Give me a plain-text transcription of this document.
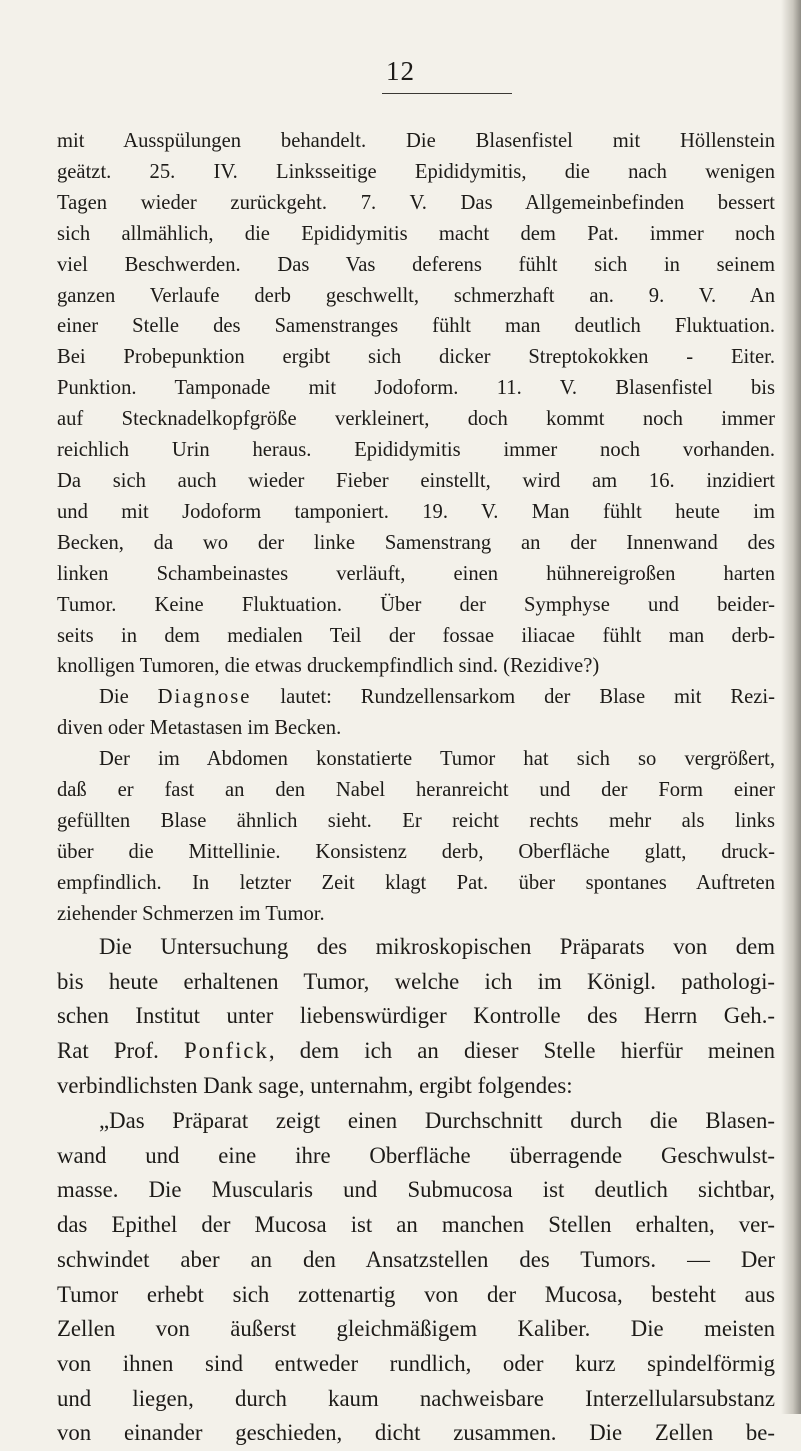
12

mit Ausspülungen behandelt. Die Blasenfistel mit Höllenstein

geätzt. 25. IV. Linksseitige Epididymitis, die nach wenigen

Tagen wieder zurückgeht. 7. V. Das Allgemeinbefinden bessert

sich allmählich, die Epididymitis macht dem Pat. immer noch

viel Beschwerden. Das Vas deferens fühlt sich in seinem

ganzen Verlaufe derb geschwellt, schmerzhaft an. 9. V. An

einer Stelle des Samenstranges fühlt man deutlich Fluktuation.

Bei Probepunktion ergibt sich dicker Streptokokken - Eiter.

Punktion. Tamponade mit Jodoform. 11. V. Blasenfistel bis

auf Stecknadelkopfgröße verkleinert, doch kommt noch immer

reichlich Urin heraus. Epididymitis immer noch vorhanden.

Da sich auch wieder Fieber einstellt, wird am 16. inzidiert

und mit Jodoform tamponiert. 19. V. Man fühlt heute im

Becken, da wo der linke Samenstrang an der Innenwand des

linken Schambeinastes verläuft, einen hühnereigroßen harten

Tumor. Keine Fluktuation. Über der Symphyse und beider-

seits in dem medialen Teil der fossae iliacae fühlt man derb-

knolligen Tumoren, die etwas druckempfindlich sind. (Rezidive?)

Die Diagnose lautet: Rundzellensarkom der Blase mit Rezi-

diven oder Metastasen im Becken.

Der im Abdomen konstatierte Tumor hat sich so vergrößert,

daß er fast an den Nabel heranreicht und der Form einer

gefüllten Blase ähnlich sieht. Er reicht rechts mehr als links

über die Mittellinie. Konsistenz derb, Oberfläche glatt, druck-

empfindlich. In letzter Zeit klagt Pat. über spontanes Auftreten

ziehender Schmerzen im Tumor.

Die Untersuchung des mikroskopischen Präparats von dem

bis heute erhaltenen Tumor, welche ich im Königl. pathologi-

schen Institut unter liebenswürdiger Kontrolle des Herrn Geh.-

Rat Prof. Ponfick, dem ich an dieser Stelle hierfür meinen

verbindlichsten Dank sage, unternahm, ergibt folgendes:

„Das Präparat zeigt einen Durchschnitt durch die Blasen-

wand und eine ihre Oberfläche überragende Geschwulst-

masse. Die Muscularis und Submucosa ist deutlich sichtbar,

das Epithel der Mucosa ist an manchen Stellen erhalten, ver-

schwindet aber an den Ansatzstellen des Tumors. — Der

Tumor erhebt sich zottenartig von der Mucosa, besteht aus

Zellen von äußerst gleichmäßigem Kaliber. Die meisten

von ihnen sind entweder rundlich, oder kurz spindelförmig

und liegen, durch kaum nachweisbare Interzellularsubstanz

von einander geschieden, dicht zusammen. Die Zellen be-
